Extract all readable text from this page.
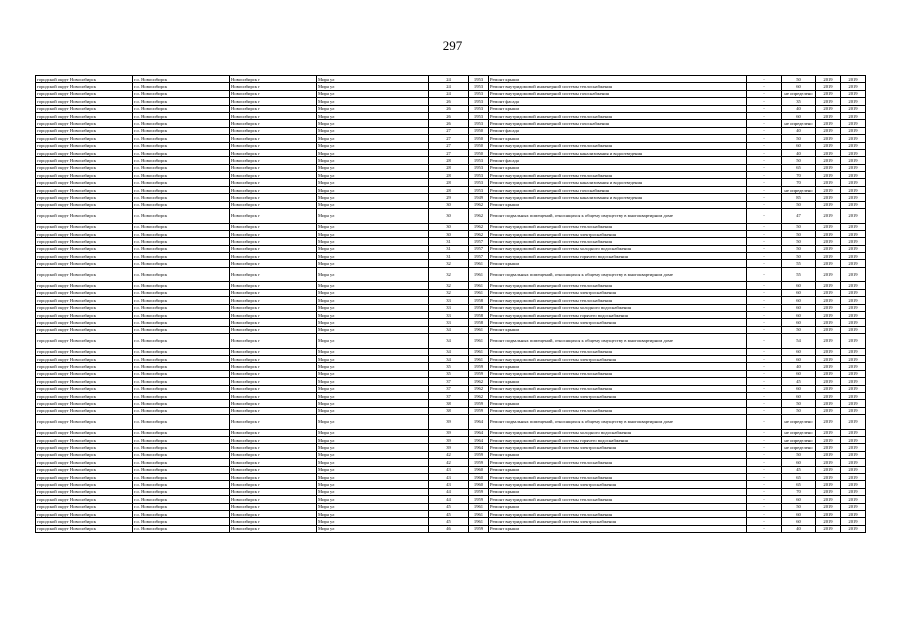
297
городской округ Новосибирск	г.о. Новосибирск	Новосибирск г	Мира ул	24	1953	Ремонт крыши	-	50	2019	2019
городской округ Новосибирск	г.о. Новосибирск	Новосибирск г	Мира ул	24	1953	Ремонт внутридомовой инженерной системы теплоснабжения	-	60	2019	2019
городской округ Новосибирск	г.о. Новосибирск	Новосибирск г	Мира ул	24	1953	Ремонт внутридомовой инженерной системы газоснабжения	-	не определено	2019	2019
городской округ Новосибирск	г.о. Новосибирск	Новосибирск г	Мира ул	26	1953	Ремонт фасада	-	35	2019	2019
городской округ Новосибирск	г.о. Новосибирск	Новосибирск г	Мира ул	26	1953	Ремонт крыши	-	40	2019	2019
городской округ Новосибирск	г.о. Новосибирск	Новосибирск г	Мира ул	26	1953	Ремонт внутридомовой инженерной системы теплоснабжения	-	60	2019	2019
городской округ Новосибирск	г.о. Новосибирск	Новосибирск г	Мира ул	26	1953	Ремонт внутридомовой инженерной системы газоснабжения	-	не определено	2019	2019
городской округ Новосибирск	г.о. Новосибирск	Новосибирск г	Мира ул	27	1950	Ремонт фасада	-	40	2019	2019
городской округ Новосибирск	г.о. Новосибирск	Новосибирск г	Мира ул	27	1950	Ремонт крыши	-	50	2019	2019
городской округ Новосибирск	г.о. Новосибирск	Новосибирск г	Мира ул	27	1950	Ремонт внутридомовой инженерной системы теплоснабжения	-	60	2019	2019
городской округ Новосибирск	г.о. Новосибирск	Новосибирск г	Мира ул	27	1950	Ремонт внутридомовой инженерной системы канализования и водоотведения	-	40	2019	2019
городской округ Новосибирск	г.о. Новосибирск	Новосибирск г	Мира ул	28	1953	Ремонт фасада	-	50	2019	2019
городской округ Новосибирск	г.о. Новосибирск	Новосибирск г	Мира ул	28	1953	Ремонт крыши	-	65	2019	2019
городской округ Новосибирск	г.о. Новосибирск	Новосибирск г	Мира ул	28	1953	Ремонт внутридомовой инженерной системы теплоснабжения	-	70	2019	2019
городской округ Новосибирск	г.о. Новосибирск	Новосибирск г	Мира ул	28	1953	Ремонт внутридомовой инженерной системы канализования и водоотведения	-	70	2019	2019
городской округ Новосибирск	г.о. Новосибирск	Новосибирск г	Мира ул	28	1953	Ремонт внутридомовой инженерной системы газоснабжения	-	не определено	2019	2019
городской округ Новосибирск	г.о. Новосибирск	Новосибирск г	Мира ул	29	1949	Ремонт внутридомовой инженерной системы канализования и водоотведения	-	85	2019	2019
городской округ Новосибирск	г.о. Новосибирск	Новосибирск г	Мира ул	30	1962	Ремонт крыши	-	50	2019	2019
городской округ Новосибирск	г.о. Новосибирск	Новосибирск г	Мира ул	30	1962	Ремонт подвальных помещений, относящихся к общему имуществу в многоквартирном доме	-	47	2019	2019
городской округ Новосибирск	г.о. Новосибирск	Новосибирск г	Мира ул	30	1962	Ремонт внутридомовой инженерной системы теплоснабжения	-	50	2019	2019
городской округ Новосибирск	г.о. Новосибирск	Новосибирск г	Мира ул	30	1962	Ремонт внутридомовой инженерной системы электроснабжения	-	50	2019	2019
городской округ Новосибирск	г.о. Новосибирск	Новосибирск г	Мира ул	31	1957	Ремонт внутридомовой инженерной системы теплоснабжения	-	50	2019	2019
городской округ Новосибирск	г.о. Новосибирск	Новосибирск г	Мира ул	31	1957	Ремонт внутридомовой инженерной системы холодного водоснабжения	-	50	2019	2019
городской округ Новосибирск	г.о. Новосибирск	Новосибирск г	Мира ул	31	1957	Ремонт внутридомовой инженерной системы горячего водоснабжения	-	50	2019	2019
городской округ Новосибирск	г.о. Новосибирск	Новосибирск г	Мира ул	32	1961	Ремонт крыши	-	55	2019	2019
городской округ Новосибирск	г.о. Новосибирск	Новосибирск г	Мира ул	32	1961	Ремонт подвальных помещений, относящихся к общему имуществу в многоквартирном доме	-	55	2019	2019
городской округ Новосибирск	г.о. Новосибирск	Новосибирск г	Мира ул	32	1961	Ремонт внутридомовой инженерной системы теплоснабжения	-	60	2019	2019
городской округ Новосибирск	г.о. Новосибирск	Новосибирск г	Мира ул	32	1961	Ремонт внутридомовой инженерной системы электроснабжения	-	60	2019	2019
городской округ Новосибирск	г.о. Новосибирск	Новосибирск г	Мира ул	33	1958	Ремонт внутридомовой инженерной системы теплоснабжения	-	60	2019	2019
городской округ Новосибирск	г.о. Новосибирск	Новосибирск г	Мира ул	33	1958	Ремонт внутридомовой инженерной системы холодного водоснабжения	-	60	2019	2019
городской округ Новосибирск	г.о. Новосибирск	Новосибирск г	Мира ул	33	1958	Ремонт внутридомовой инженерной системы горячего водоснабжения	-	60	2019	2019
городской округ Новосибирск	г.о. Новосибирск	Новосибирск г	Мира ул	33	1958	Ремонт внутридомовой инженерной системы электроснабжения	-	60	2019	2019
городской округ Новосибирск	г.о. Новосибирск	Новосибирск г	Мира ул	34	1961	Ремонт крыши	-	50	2019	2019
городской округ Новосибирск	г.о. Новосибирск	Новосибирск г	Мира ул	34	1961	Ремонт подвальных помещений, относящихся к общему имуществу в многоквартирном доме	-	54	2019	2019
городской округ Новосибирск	г.о. Новосибирск	Новосибирск г	Мира ул	34	1961	Ремонт внутридомовой инженерной системы теплоснабжения	-	60	2019	2019
городской округ Новосибирск	г.о. Новосибирск	Новосибирск г	Мира ул	34	1961	Ремонт внутридомовой инженерной системы электроснабжения	-	60	2019	2019
городской округ Новосибирск	г.о. Новосибирск	Новосибирск г	Мира ул	35	1959	Ремонт крыши	-	40	2019	2019
городской округ Новосибирск	г.о. Новосибирск	Новосибирск г	Мира ул	35	1959	Ремонт внутридомовой инженерной системы теплоснабжения	-	60	2019	2019
городской округ Новосибирск	г.о. Новосибирск	Новосибирск г	Мира ул	37	1962	Ремонт крыши	-	45	2019	2019
городской округ Новосибирск	г.о. Новосибирск	Новосибирск г	Мира ул	37	1962	Ремонт внутридомовой инженерной системы теплоснабжения	-	60	2019	2019
городской округ Новосибирск	г.о. Новосибирск	Новосибирск г	Мира ул	37	1962	Ремонт внутридомовой инженерной системы электроснабжения	-	60	2019	2019
городской округ Новосибирск	г.о. Новосибирск	Новосибирск г	Мира ул	38	1959	Ремонт крыши	-	50	2019	2019
городской округ Новосибирск	г.о. Новосибирск	Новосибирск г	Мира ул	38	1959	Ремонт внутридомовой инженерной системы теплоснабжения	-	50	2019	2019
городской округ Новосибирск	г.о. Новосибирск	Новосибирск г	Мира ул	39	1964	Ремонт подвальных помещений, относящихся к общему имуществу в многоквартирном доме	-	не определено	2019	2019
городской округ Новосибирск	г.о. Новосибирск	Новосибирск г	Мира ул	39	1964	Ремонт внутридомовой инженерной системы холодного водоснабжения	-	не определено	2019	2019
городской округ Новосибирск	г.о. Новосибирск	Новосибирск г	Мира ул	39	1964	Ремонт внутридомовой инженерной системы горячего водоснабжения	-	не определено	2019	2019
городской округ Новосибирск	г.о. Новосибирск	Новосибирск г	Мира ул	39	1964	Ремонт внутридомовой инженерной системы электроснабжения	-	не определено	2019	2019
городской округ Новосибирск	г.о. Новосибирск	Новосибирск г	Мира ул	42	1959	Ремонт крыши	-	50	2019	2019
городской округ Новосибирск	г.о. Новосибирск	Новосибирск г	Мира ул	42	1959	Ремонт внутридомовой инженерной системы теплоснабжения	-	60	2019	2019
городской округ Новосибирск	г.о. Новосибирск	Новосибирск г	Мира ул	43	1960	Ремонт крыши	-	45	2019	2019
городской округ Новосибирск	г.о. Новосибирск	Новосибирск г	Мира ул	43	1960	Ремонт внутридомовой инженерной системы теплоснабжения	-	65	2019	2019
городской округ Новосибирск	г.о. Новосибирск	Новосибирск г	Мира ул	43	1960	Ремонт внутридомовой инженерной системы электроснабжения	-	65	2019	2019
городской округ Новосибирск	г.о. Новосибирск	Новосибирск г	Мира ул	44	1959	Ремонт крыши	-	70	2019	2019
городской округ Новосибирск	г.о. Новосибирск	Новосибирск г	Мира ул	44	1959	Ремонт внутридомовой инженерной системы теплоснабжения	-	60	2019	2019
городской округ Новосибирск	г.о. Новосибирск	Новосибирск г	Мира ул	45	1961	Ремонт крыши	-	50	2019	2019
городской округ Новосибирск	г.о. Новосибирск	Новосибирск г	Мира ул	45	1961	Ремонт внутридомовой инженерной системы теплоснабжения	-	60	2019	2019
городской округ Новосибирск	г.о. Новосибирск	Новосибирск г	Мира ул	45	1961	Ремонт внутридомовой инженерной системы электроснабжения	-	60	2019	2019
городской округ Новосибирск	г.о. Новосибирск	Новосибирск г	Мира ул	46	1959	Ремонт крыши	-	40	2019	2019
